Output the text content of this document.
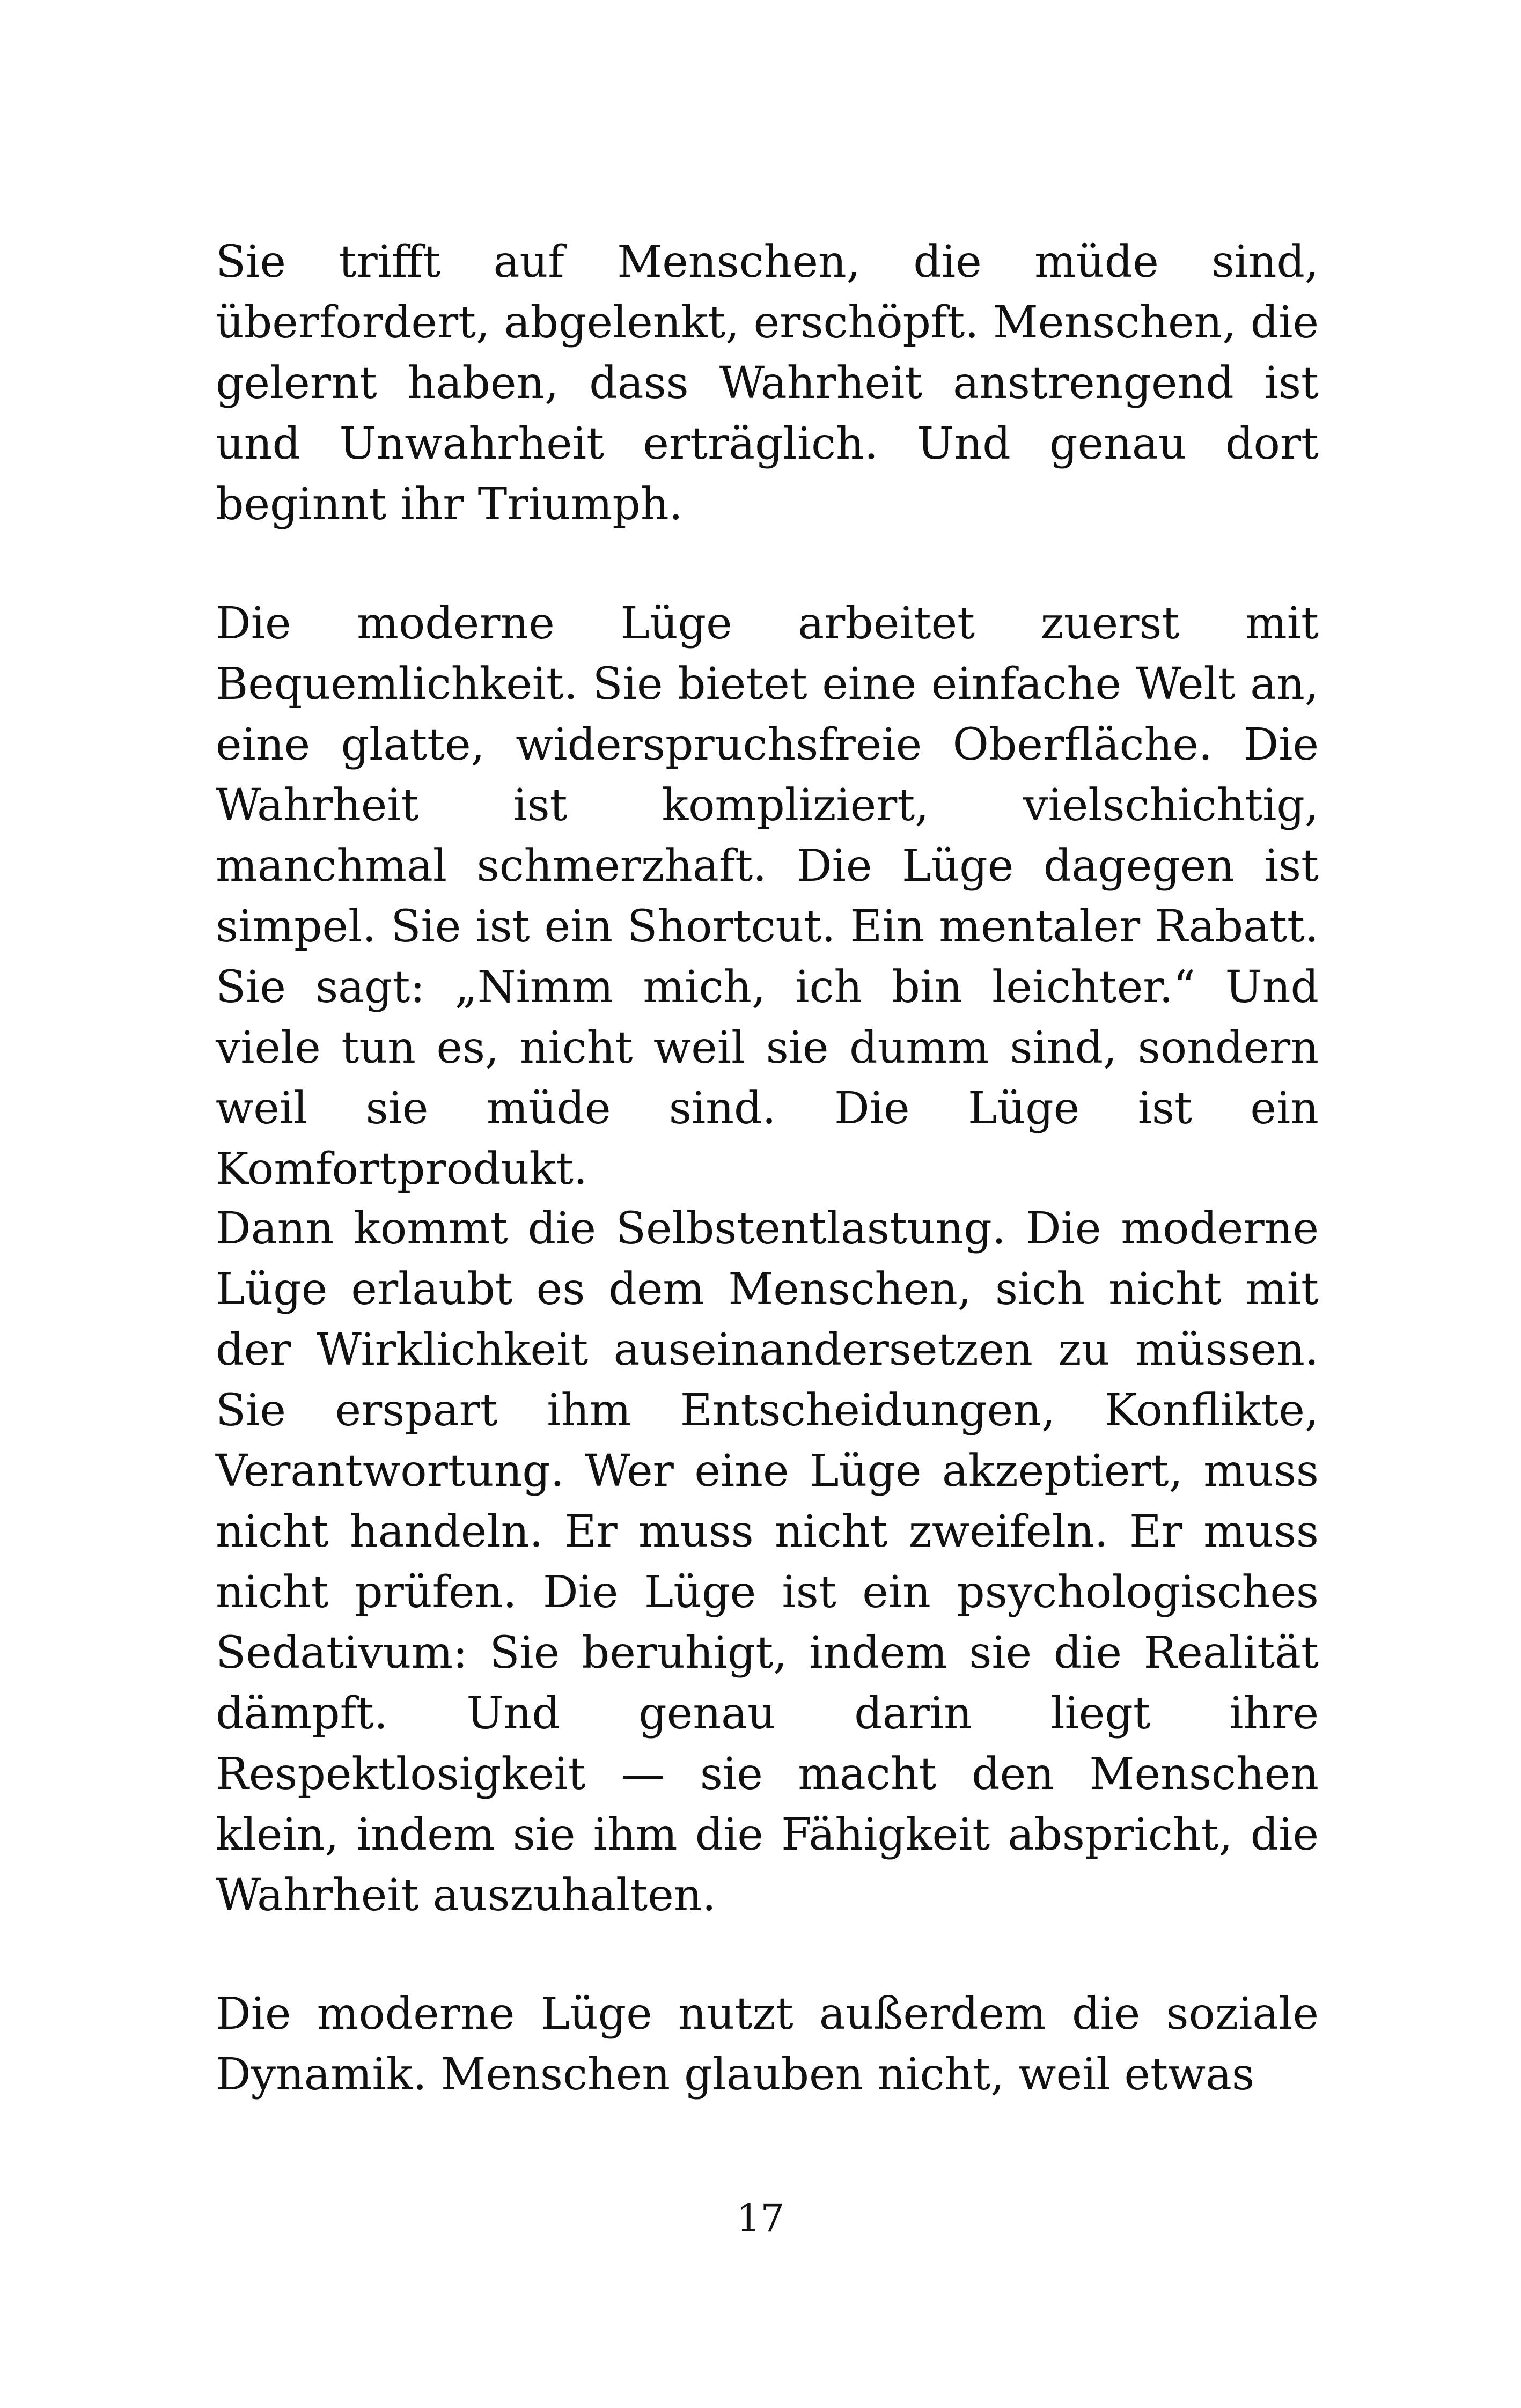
Sie trifft auf Menschen, die müde sind, überfordert, abgelenkt, erschöpft. Menschen, die gelernt haben, dass Wahrheit anstrengend ist und Unwahrheit erträglich. Und genau dort beginnt ihr Triumph.

Die moderne Lüge arbeitet zuerst mit Bequemlichkeit. Sie bietet eine einfache Welt an, eine glatte, widerspruchsfreie Oberfläche. Die Wahrheit ist kompliziert, vielschichtig, manchmal schmerzhaft. Die Lüge dagegen ist simpel. Sie ist ein Shortcut. Ein mentaler Rabatt. Sie sagt: „Nimm mich, ich bin leichter.“ Und viele tun es, nicht weil sie dumm sind, sondern weil sie müde sind. Die Lüge ist ein Komfortprodukt.

Dann kommt die Selbstentlastung. Die moderne Lüge erlaubt es dem Menschen, sich nicht mit der Wirklichkeit auseinandersetzen zu müssen. Sie erspart ihm Entscheidungen, Konflikte, Verantwortung. Wer eine Lüge akzeptiert, muss nicht handeln. Er muss nicht zweifeln. Er muss nicht prüfen. Die Lüge ist ein psychologisches Sedativum: Sie beruhigt, indem sie die Realität dämpft. Und genau darin liegt ihre Respektlosigkeit — sie macht den Menschen klein, indem sie ihm die Fähigkeit abspricht, die Wahrheit auszuhalten.

Die moderne Lüge nutzt außerdem die soziale Dynamik. Menschen glauben nicht, weil etwas

17
